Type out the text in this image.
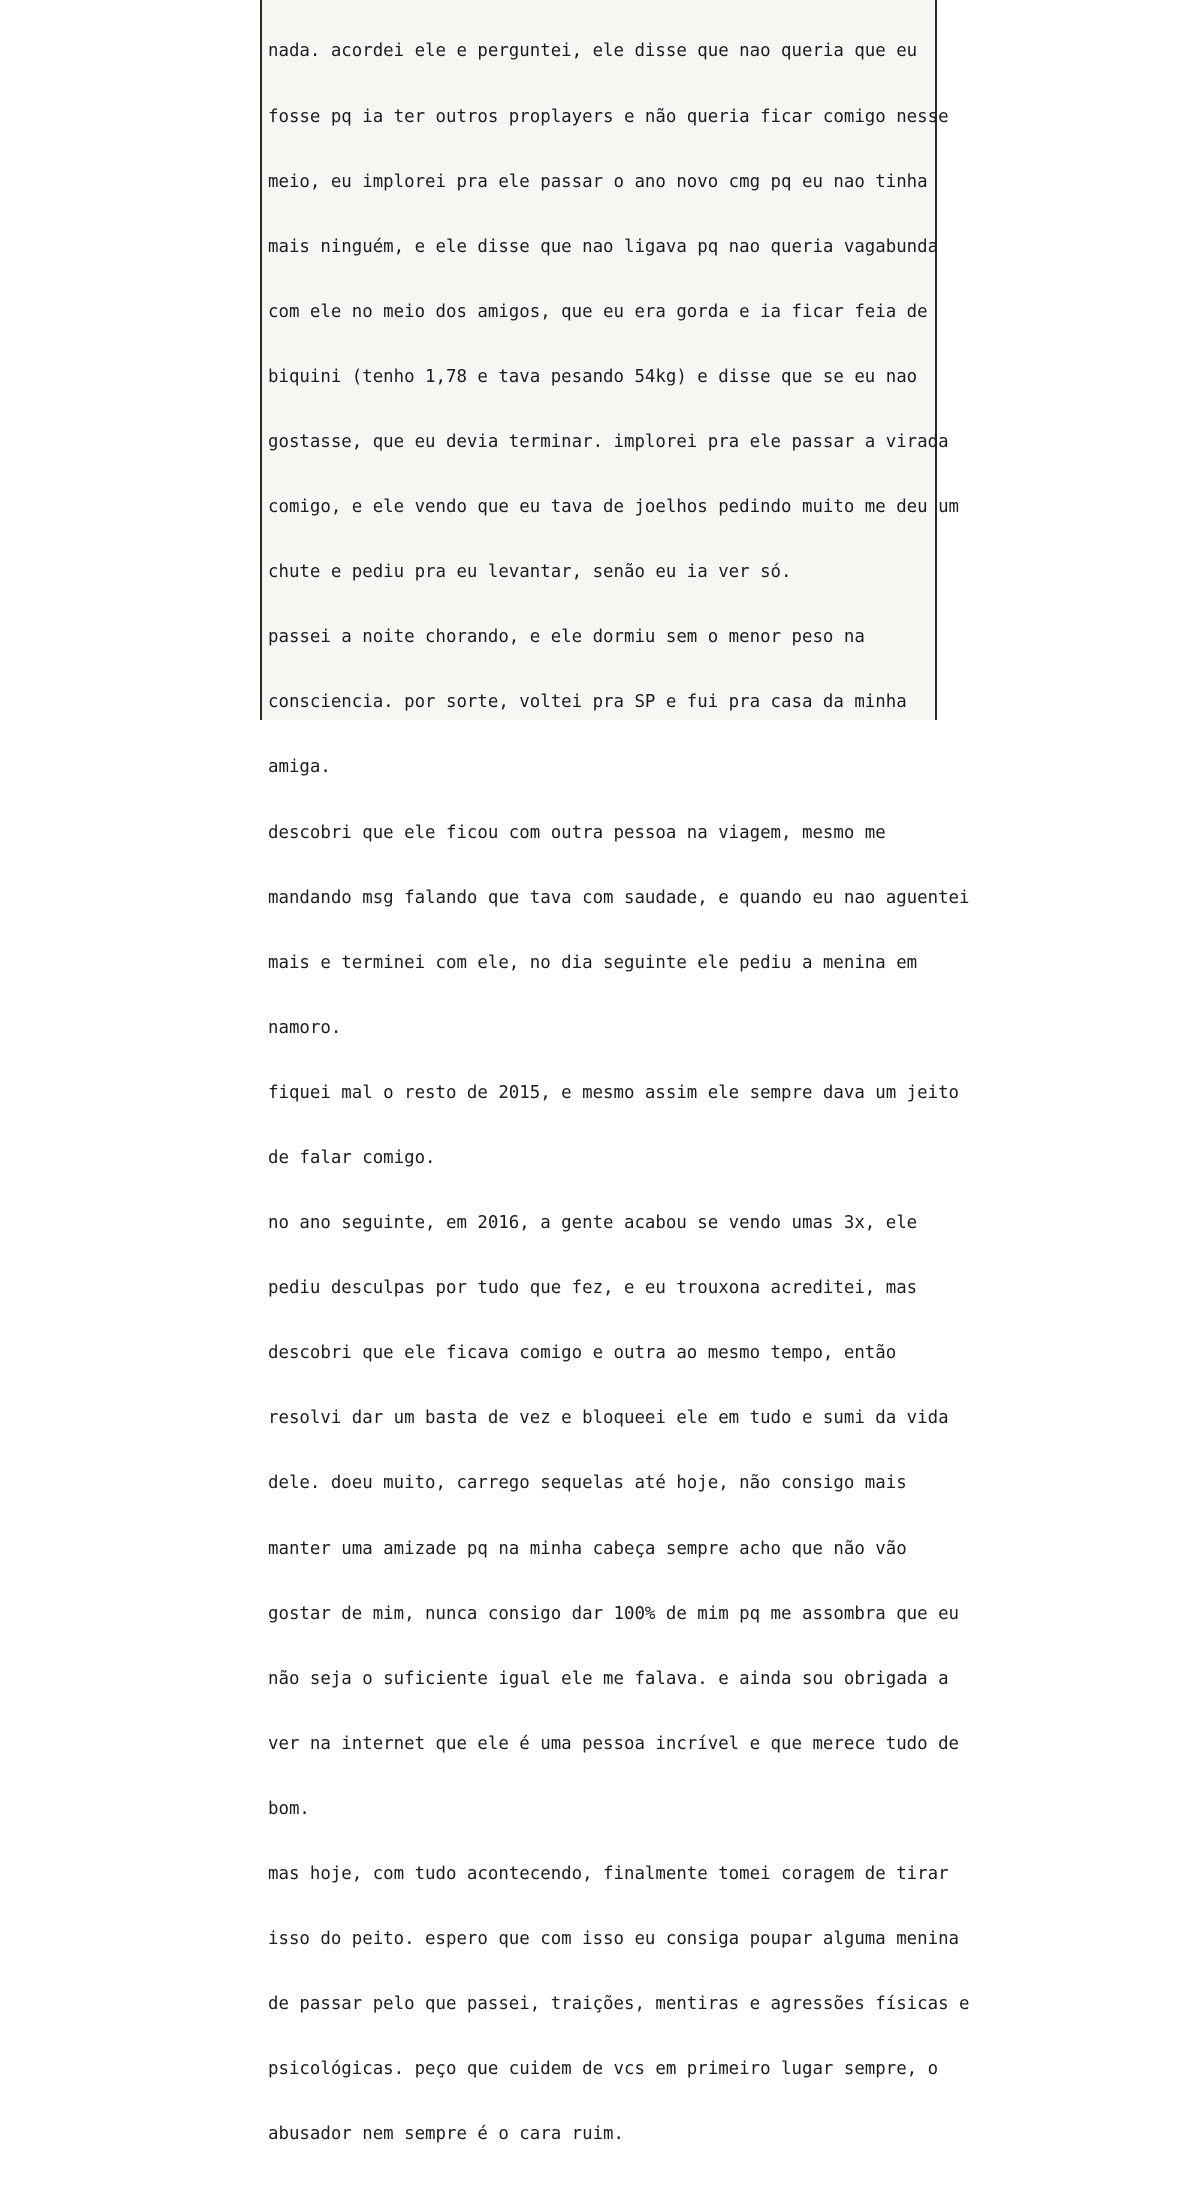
nada. acordei ele e perguntei, ele disse que nao queria que eu

fosse pq ia ter outros proplayers e não queria ficar comigo nesse

meio, eu implorei pra ele passar o ano novo cmg pq eu nao tinha

mais ninguém, e ele disse que nao ligava pq nao queria vagabunda

com ele no meio dos amigos, que eu era gorda e ia ficar feia de

biquini (tenho 1,78 e tava pesando 54kg) e disse que se eu nao

gostasse, que eu devia terminar. implorei pra ele passar a virada

comigo, e ele vendo que eu tava de joelhos pedindo muito me deu um

chute e pediu pra eu levantar, senão eu ia ver só.

passei a noite chorando, e ele dormiu sem o menor peso na

consciencia. por sorte, voltei pra SP e fui pra casa da minha

amiga.

descobri que ele ficou com outra pessoa na viagem, mesmo me

mandando msg falando que tava com saudade, e quando eu nao aguentei

mais e terminei com ele, no dia seguinte ele pediu a menina em

namoro.

fiquei mal o resto de 2015, e mesmo assim ele sempre dava um jeito

de falar comigo.

no ano seguinte, em 2016, a gente acabou se vendo umas 3x, ele

pediu desculpas por tudo que fez, e eu trouxona acreditei, mas

descobri que ele ficava comigo e outra ao mesmo tempo, então

resolvi dar um basta de vez e bloqueei ele em tudo e sumi da vida

dele. doeu muito, carrego sequelas até hoje, não consigo mais

manter uma amizade pq na minha cabeça sempre acho que não vão

gostar de mim, nunca consigo dar 100% de mim pq me assombra que eu

não seja o suficiente igual ele me falava. e ainda sou obrigada a

ver na internet que ele é uma pessoa incrível e que merece tudo de

bom.

mas hoje, com tudo acontecendo, finalmente tomei coragem de tirar

isso do peito. espero que com isso eu consiga poupar alguma menina

de passar pelo que passei, traições, mentiras e agressões físicas e

psicológicas. peço que cuidem de vcs em primeiro lugar sempre, o

abusador nem sempre é o cara ruim.
